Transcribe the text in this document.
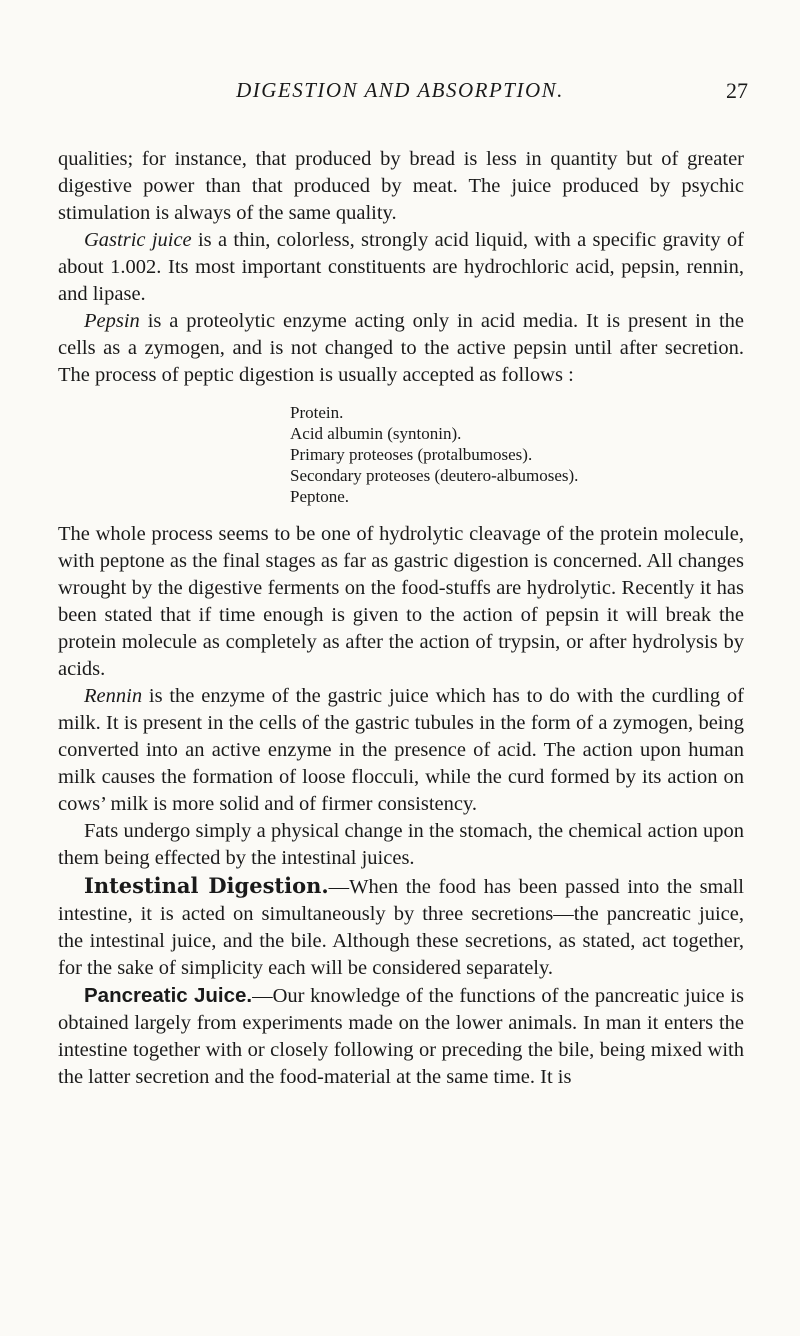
DIGESTION AND ABSORPTION.	27

qualities; for instance, that produced by bread is less in quantity but of greater digestive power than that produced by meat. The juice produced by psychic stimulation is always of the same quality.

Gastric juice is a thin, colorless, strongly acid liquid, with a specific gravity of about 1.002. Its most important constituents are hydrochloric acid, pepsin, rennin, and lipase.

Pepsin is a proteolytic enzyme acting only in acid media. It is present in the cells as a zymogen, and is not changed to the active pepsin until after secretion. The process of peptic digestion is usually accepted as follows :

Protein.
Acid albumin (syntonin).
Primary proteoses (protalbumoses).
Secondary proteoses (deutero-albumoses).
Peptone.

The whole process seems to be one of hydrolytic cleavage of the protein molecule, with peptone as the final stages as far as gastric digestion is concerned. All changes wrought by the digestive ferments on the food-stuffs are hydrolytic. Recently it has been stated that if time enough is given to the action of pepsin it will break the protein molecule as completely as after the action of trypsin, or after hydrolysis by acids.

Rennin is the enzyme of the gastric juice which has to do with the curdling of milk. It is present in the cells of the gastric tubules in the form of a zymogen, being converted into an active enzyme in the presence of acid. The action upon human milk causes the formation of loose flocculi, while the curd formed by its action on cows’ milk is more solid and of firmer consistency.

Fats undergo simply a physical change in the stomach, the chemical action upon them being effected by the intestinal juices.

Intestinal Digestion.—When the food has been passed into the small intestine, it is acted on simultaneously by three secretions—the pancreatic juice, the intestinal juice, and the bile. Although these secretions, as stated, act together, for the sake of simplicity each will be considered separately.

Pancreatic Juice.—Our knowledge of the functions of the pancreatic juice is obtained largely from experiments made on the lower animals. In man it enters the intestine together with or closely following or preceding the bile, being mixed with the latter secretion and the food-material at the same time. It is
